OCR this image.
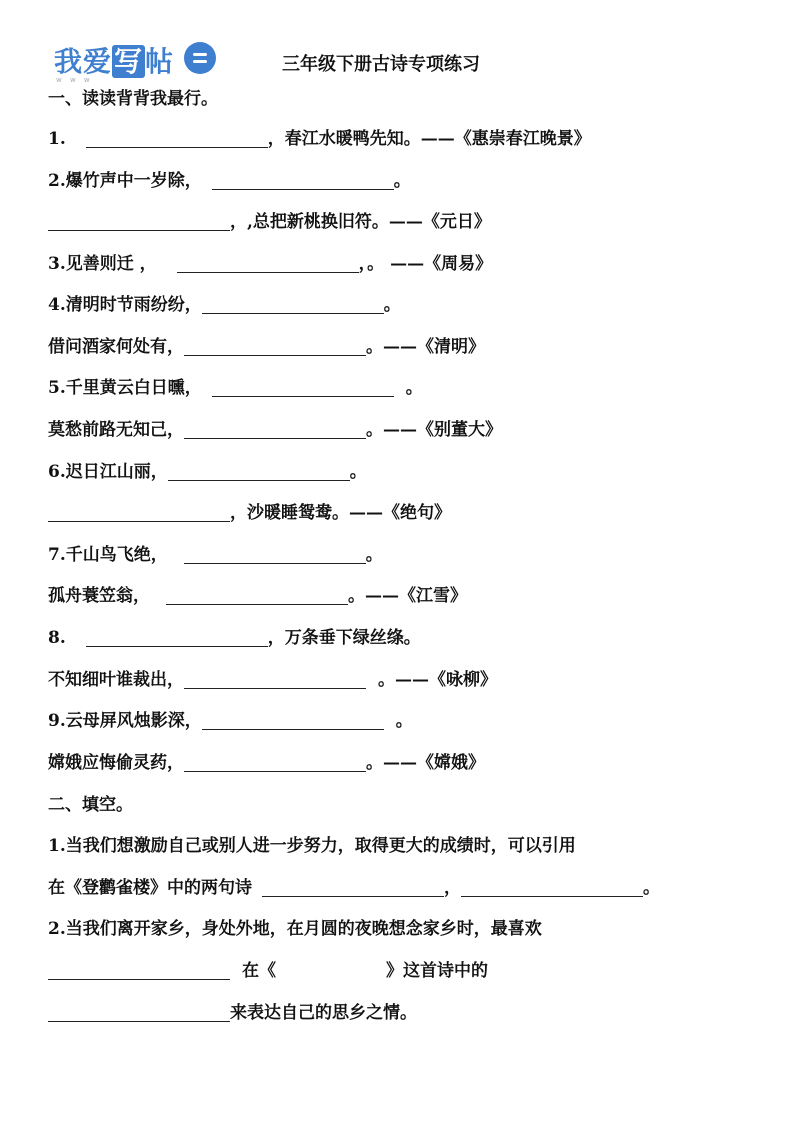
我爱写帖
w w w
三年级下册古诗专项练习
一、读读背背我最行。
1.	，春江水暖鸭先知。——《惠崇春江晚景》
2.爆竹声中一岁除，	。
，,总把新桃换旧符。——《元日》
3.见善则迁 ，	，。 ——《周易》
4.清明时节雨纷纷，	。
借问酒家何处有，	。——《清明》
5.千里黄云白日曛，	。
莫愁前路无知己，	。——《别董大》
6.迟日江山丽，	。
，沙暖睡鸳鸯。——《绝句》
7.千山鸟飞绝，	。
孤舟蓑笠翁，	。——《江雪》
8.	，万条垂下绿丝绦。
不知细叶谁裁出，	。——《咏柳》
9.云母屏风烛影深，	。
嫦娥应悔偷灵药，	。——《嫦娥》
二、填空。
1.当我们想激励自己或别人进一步努力，取得更大的成绩时，可以引用
在《登鹳雀楼》中的两句诗	，	。
2.当我们离开家乡，身处外地，在月圆的夜晚想念家乡时，最喜欢
在《	》这首诗中的
来表达自己的思乡之情。
